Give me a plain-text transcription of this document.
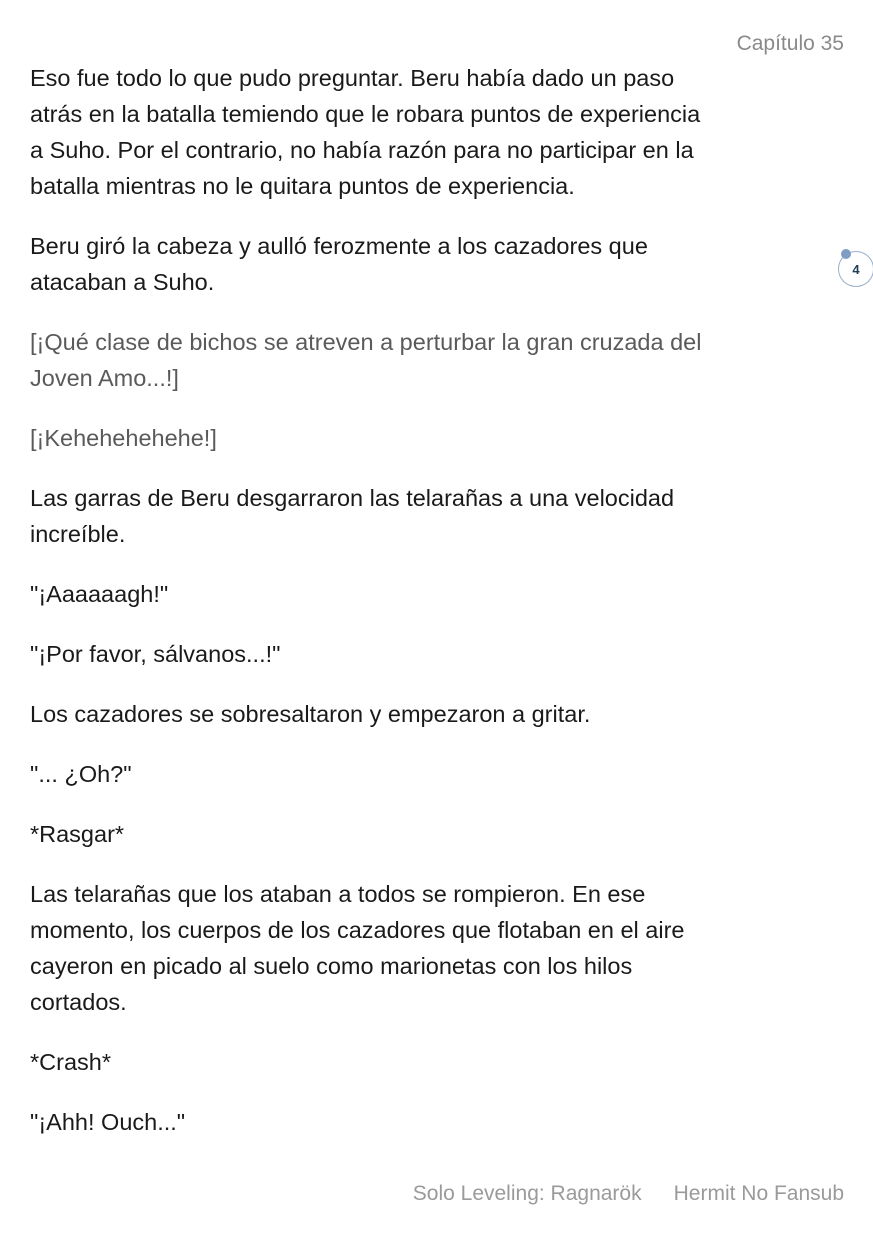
Capítulo 35

Eso fue todo lo que pudo preguntar. Beru había dado un paso
atrás en la batalla temiendo que le robara puntos de experiencia
a Suho. Por el contrario, no había razón para no participar en la
batalla mientras no le quitara puntos de experiencia.

Beru giró la cabeza y aulló ferozmente a los cazadores que
atacaban a Suho.

[¡Qué clase de bichos se atreven a perturbar la gran cruzada del
Joven Amo...!]

[¡Kehehehehehe!]

Las garras de Beru desgarraron las telarañas a una velocidad
increíble.

"¡Aaaaaagh!"

"¡Por favor, sálvanos...!"

Los cazadores se sobresaltaron y empezaron a gritar.

"... ¿Oh?"

*Rasgar*

Las telarañas que los ataban a todos se rompieron. En ese
momento, los cuerpos de los cazadores que flotaban en el aire
cayeron en picado al suelo como marionetas con los hilos
cortados.

*Crash*

"¡Ahh! Ouch..."

4
Solo Leveling: Ragnarök Hermit No Fansub
